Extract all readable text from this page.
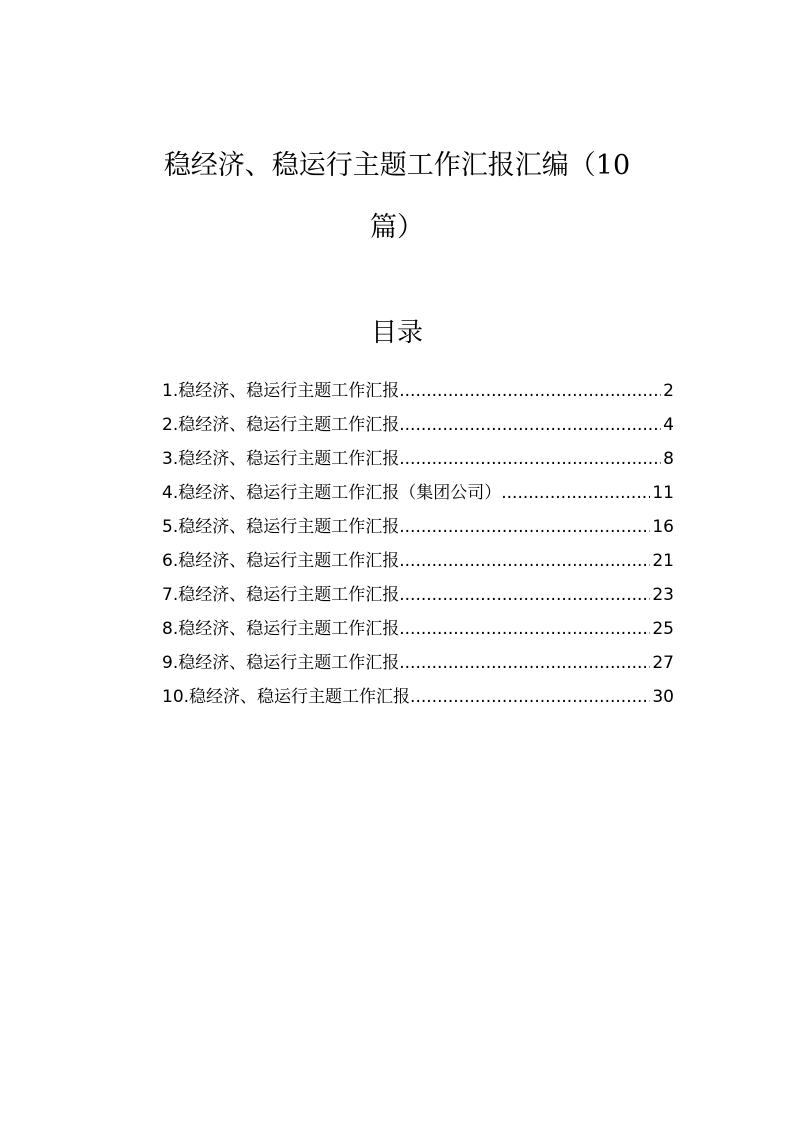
稳经济、稳运行主题工作汇报汇编（10
篇）
目录
1.稳经济、稳运行主题工作汇报 .....	2
2.稳经济、稳运行主题工作汇报 .....	4
3.稳经济、稳运行主题工作汇报 .....	8
4.稳经济、稳运行主题工作汇报（集团公司） .....	11
5.稳经济、稳运行主题工作汇报 .....	16
6.稳经济、稳运行主题工作汇报 .....	21
7.稳经济、稳运行主题工作汇报 .....	23
8.稳经济、稳运行主题工作汇报 .....	25
9.稳经济、稳运行主题工作汇报 .....	27
10.稳经济、稳运行主题工作汇报 .....	30
